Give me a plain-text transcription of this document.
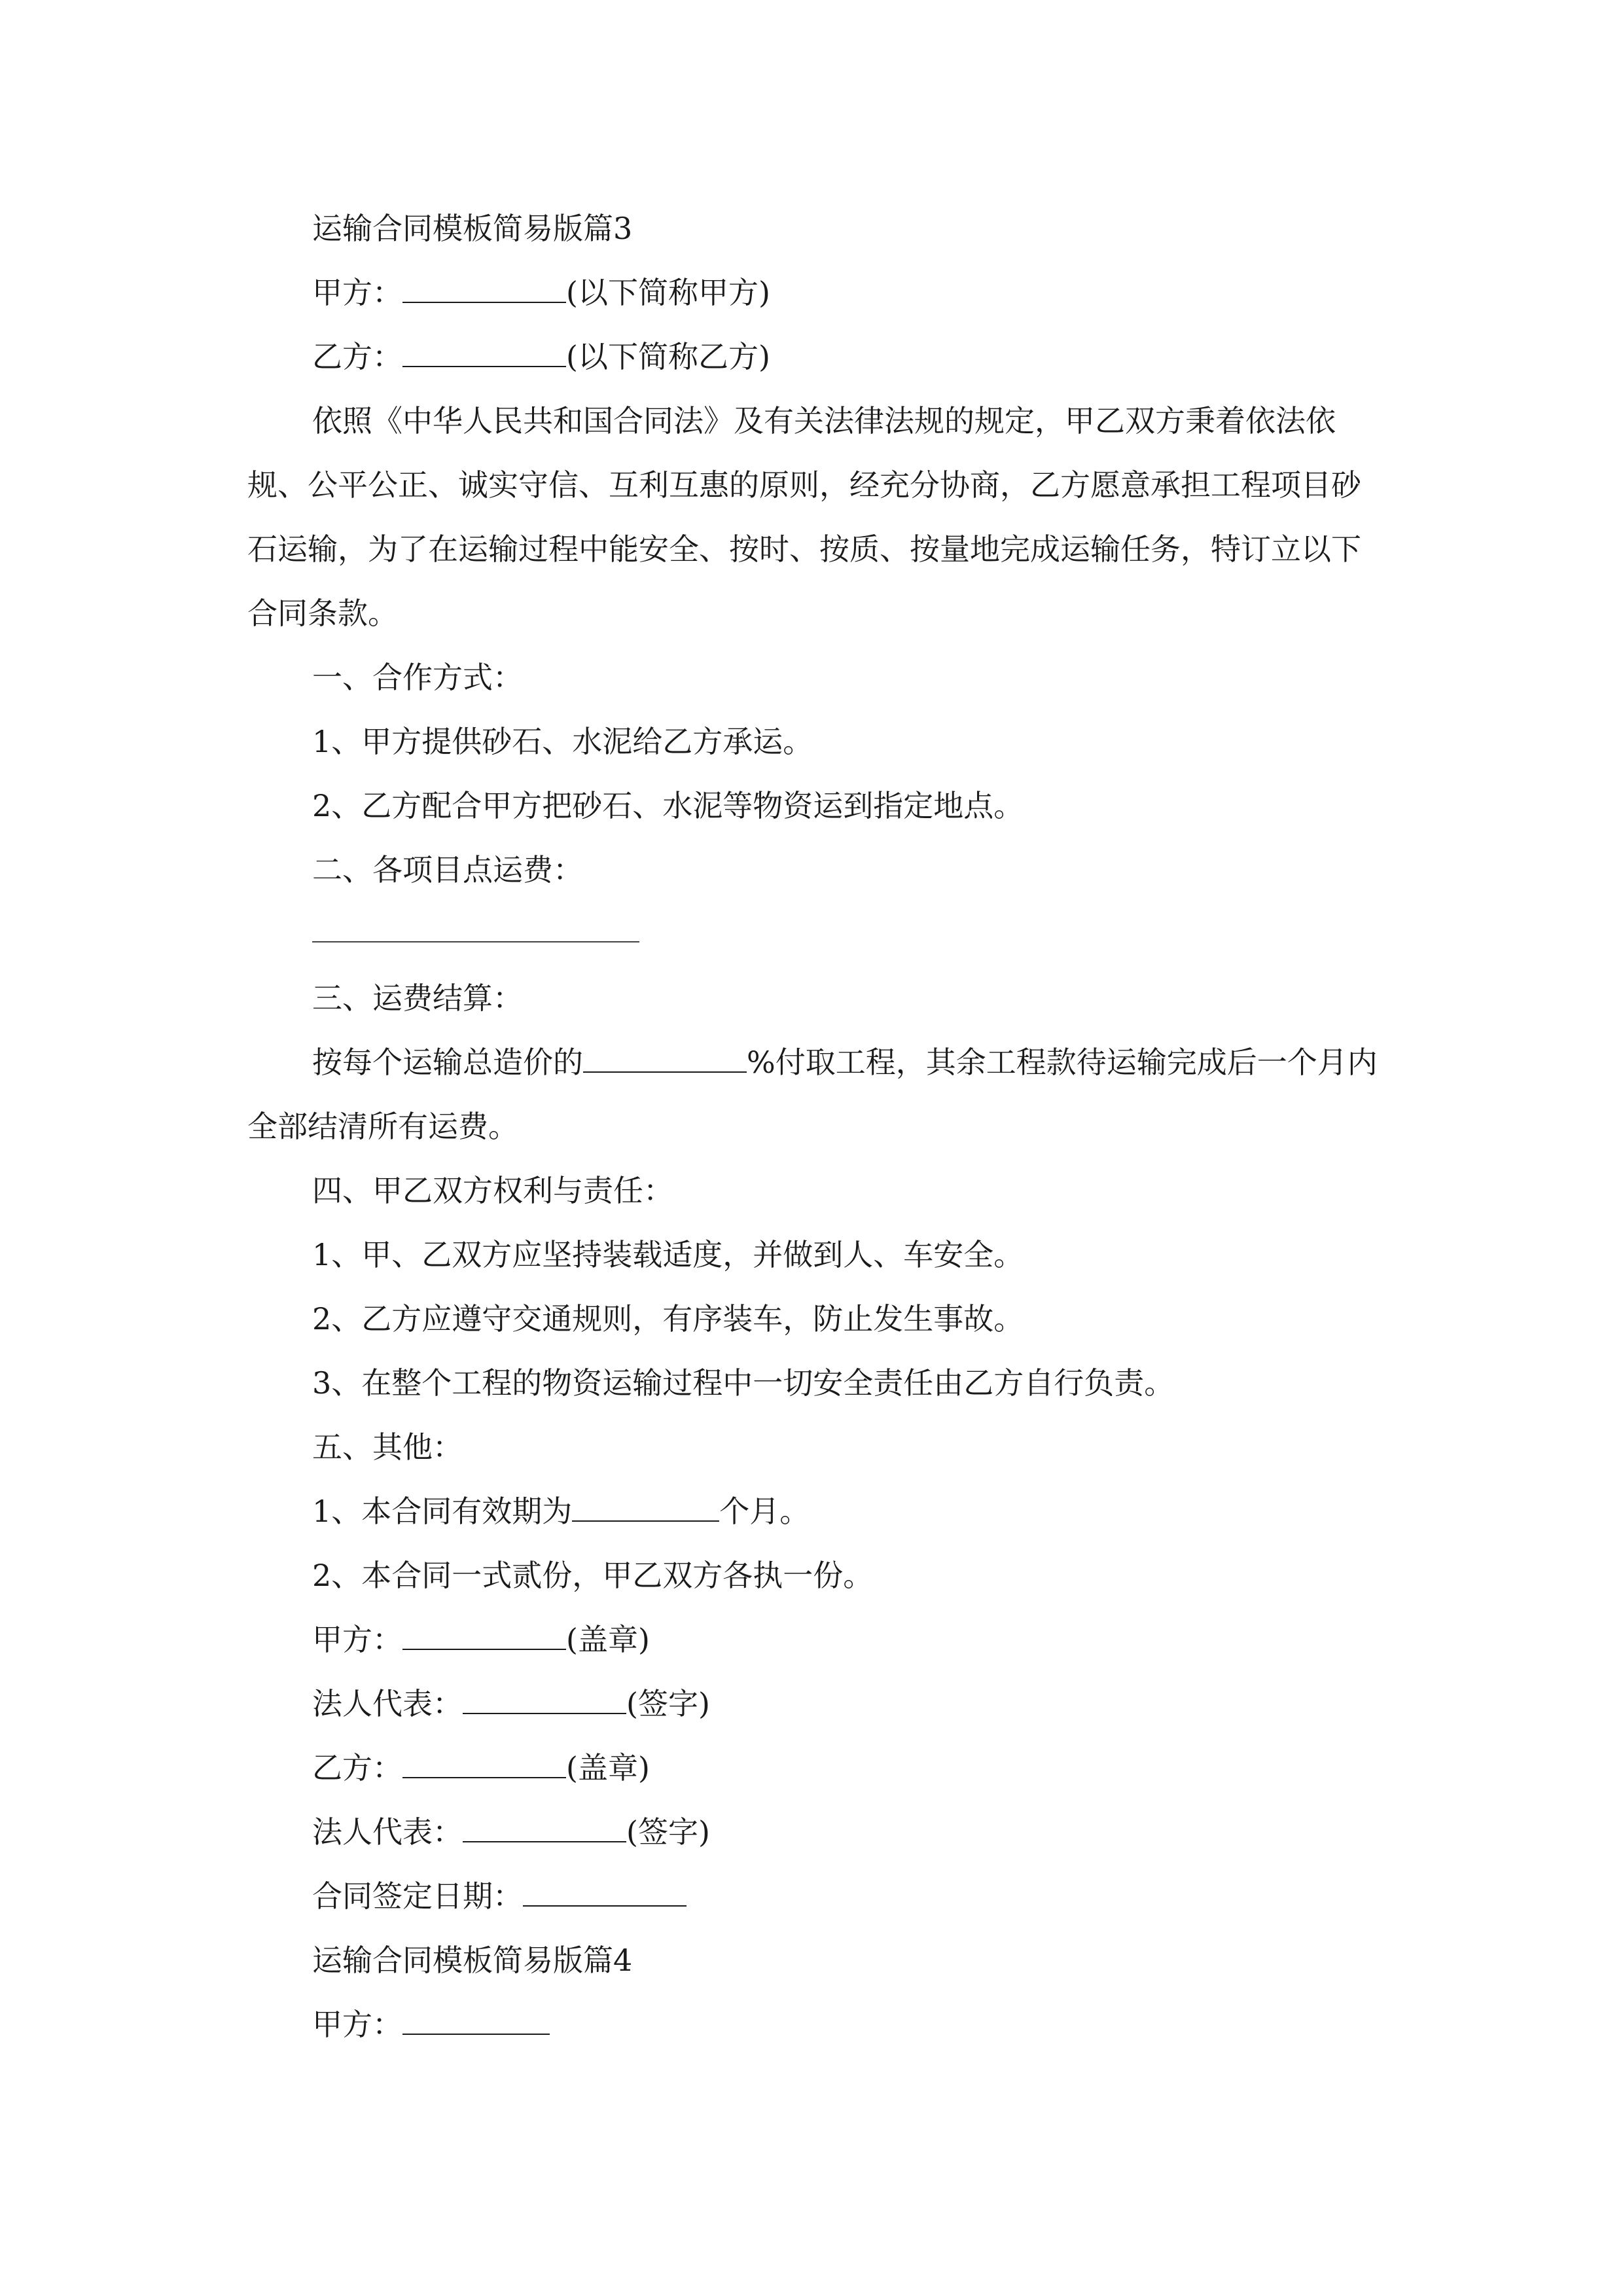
运输合同模板简易版篇3
甲方：	(以下简称甲方)
乙方：	(以下简称乙方)
依照《中华人民共和国合同法》及有关法律法规的规定，甲乙双方秉着依法依规、公平公正、诚实守信、互利互惠的原则，经充分协商，乙方愿意承担工程项目砂石运输，为了在运输过程中能安全、按时、按质、按量地完成运输任务，特订立以下合同条款。
一、合作方式：
1、甲方提供砂石、水泥给乙方承运。
2、乙方配合甲方把砂石、水泥等物资运到指定地点。
二、各项目点运费：
三、运费结算：
按每个运输总造价的	%付取工程，其余工程款待运输完成后一个月内全部结清所有运费。
四、甲乙双方权利与责任：
1、甲、乙双方应坚持装载适度，并做到人、车安全。
2、乙方应遵守交通规则，有序装车，防止发生事故。
3、在整个工程的物资运输过程中一切安全责任由乙方自行负责。
五、其他：
1、本合同有效期为	个月。
2、本合同一式贰份，甲乙双方各执一份。
甲方：	(盖章)
法人代表：	(签字)
乙方：	(盖章)
法人代表：	(签字)
合同签定日期：
运输合同模板简易版篇4
甲方：
